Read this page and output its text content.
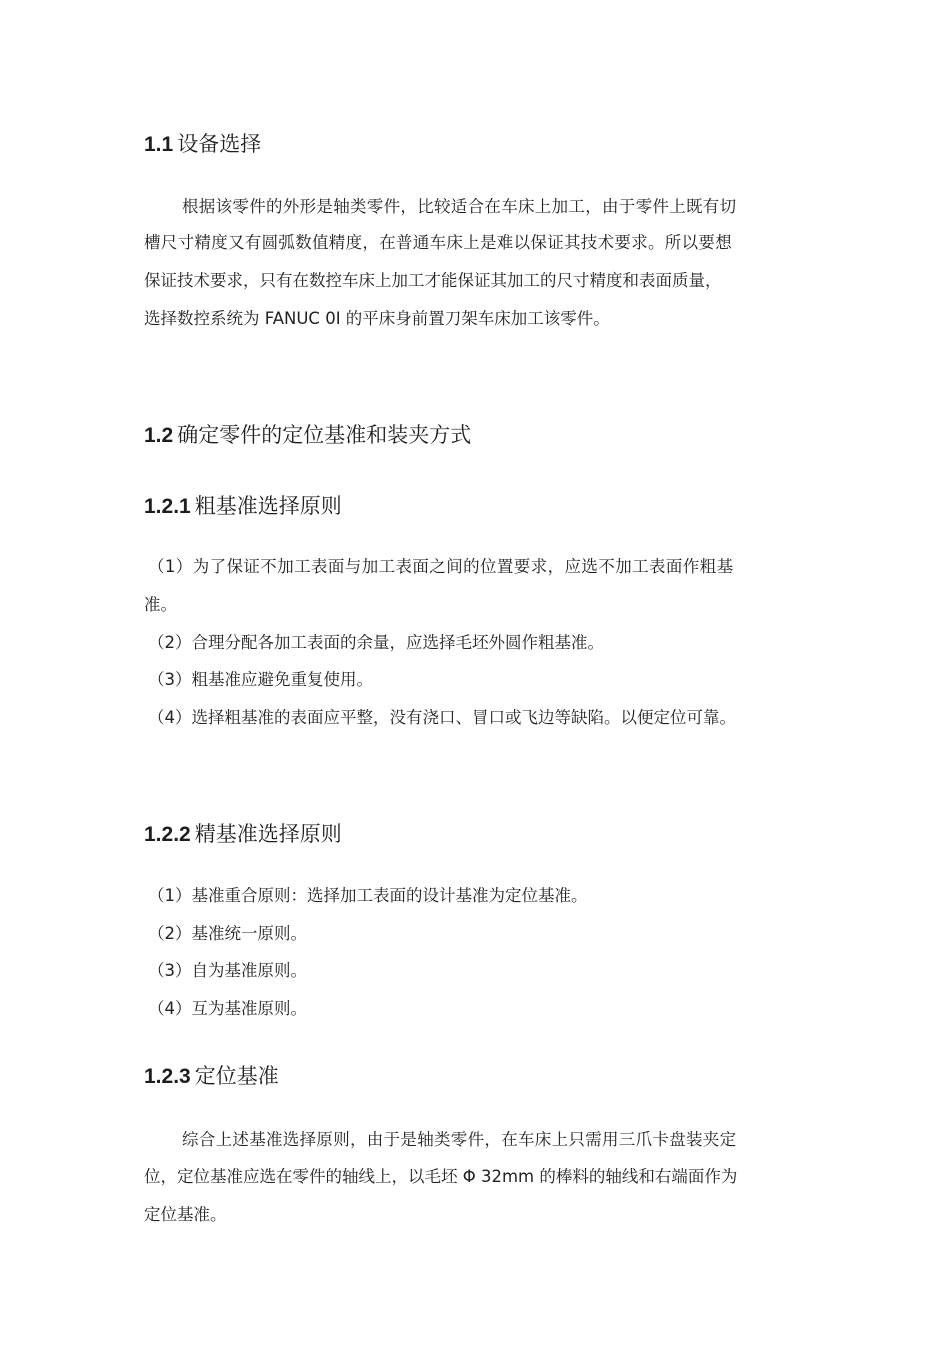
1.1 设备选择
根据该零件的外形是轴类零件，比较适合在车床上加工，由于零件上既有切
槽尺寸精度又有圆弧数值精度，在普通车床上是难以保证其技术要求。所以要想
保证技术要求，只有在数控车床上加工才能保证其加工的尺寸精度和表面质量，
选择数控系统为 FANUC 0I 的平床身前置刀架车床加工该零件。
1.2 确定零件的定位基准和装夹方式
1.2.1 粗基准选择原则
（1）为了保证不加工表面与加工表面之间的位置要求，应选不加工表面作粗基
准。
（2）合理分配各加工表面的余量，应选择毛坯外圆作粗基准。
（3）粗基准应避免重复使用。
（4）选择粗基准的表面应平整，没有浇口、冒口或飞边等缺陷。以便定位可靠。
1.2.2 精基准选择原则
（1）基准重合原则：选择加工表面的设计基准为定位基准。
（2）基准统一原则。
（3）自为基准原则。
（4）互为基准原则。
1.2.3 定位基准
综合上述基准选择原则，由于是轴类零件，在车床上只需用三爪卡盘装夹定
位，定位基准应选在零件的轴线上，以毛坯 Φ 32mm 的棒料的轴线和右端面作为
定位基准。
